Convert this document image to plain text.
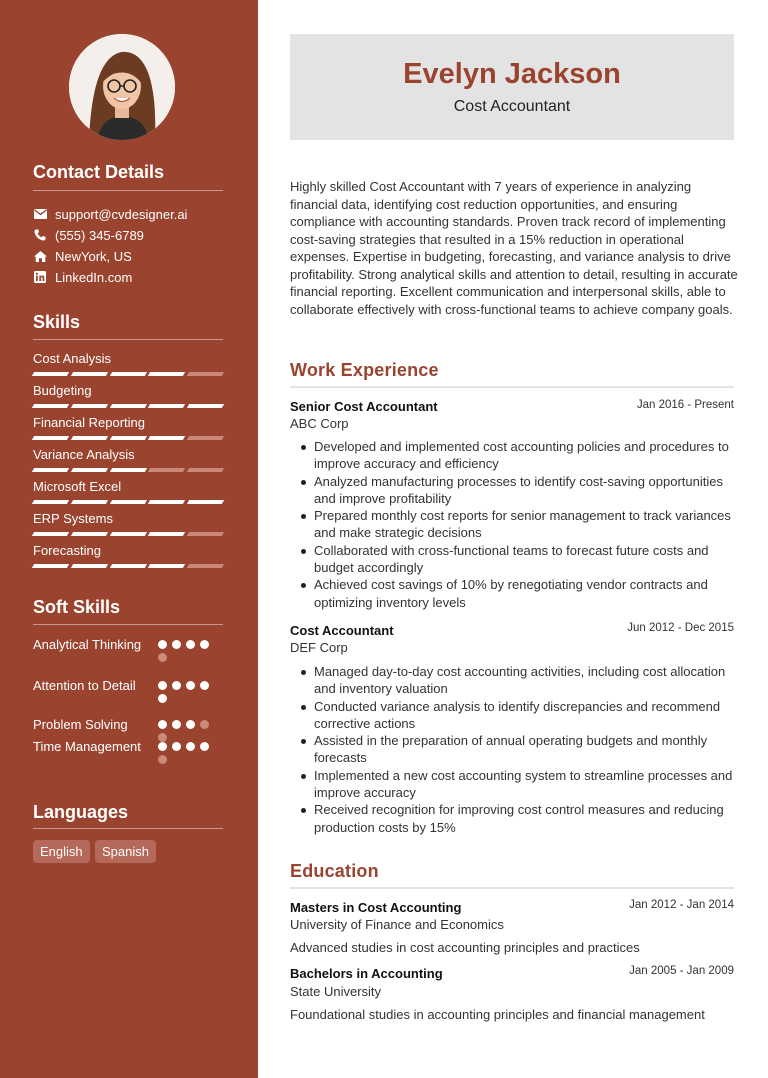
Contact Details
support@cvdesigner.ai
(555) 345-6789
NewYork, US
LinkedIn.com
Skills
Cost Analysis
Budgeting
Financial Reporting
Variance Analysis
Microsoft Excel
ERP Systems
Forecasting
Soft Skills
Analytical Thinking
Attention to Detail
Problem Solving
Time Management
Languages
English	Spanish
Evelyn Jackson
Cost Accountant
Highly skilled Cost Accountant with 7 years of experience in analyzing financial data, identifying cost reduction opportunities, and ensuring compliance with accounting standards. Proven track record of implementing cost-saving strategies that resulted in a 15% reduction in operational expenses. Expertise in budgeting, forecasting, and variance analysis to drive profitability. Strong analytical skills and attention to detail, resulting in accurate financial reporting. Excellent communication and interpersonal skills, able to collaborate effectively with cross-functional teams to achieve company goals.
Work Experience
Senior Cost Accountant	Jan 2016 - Present
ABC Corp
Developed and implemented cost accounting policies and procedures to improve accuracy and efficiency
Analyzed manufacturing processes to identify cost-saving opportunities and improve profitability
Prepared monthly cost reports for senior management to track variances and make strategic decisions
Collaborated with cross-functional teams to forecast future costs and budget accordingly
Achieved cost savings of 10% by renegotiating vendor contracts and optimizing inventory levels
Cost Accountant	Jun 2012 - Dec 2015
DEF Corp
Managed day-to-day cost accounting activities, including cost allocation and inventory valuation
Conducted variance analysis to identify discrepancies and recommend corrective actions
Assisted in the preparation of annual operating budgets and monthly forecasts
Implemented a new cost accounting system to streamline processes and improve accuracy
Received recognition for improving cost control measures and reducing production costs by 15%
Education
Masters in Cost Accounting	Jan 2012 - Jan 2014
University of Finance and Economics
Advanced studies in cost accounting principles and practices
Bachelors in Accounting	Jan 2005 - Jan 2009
State University
Foundational studies in accounting principles and financial management
